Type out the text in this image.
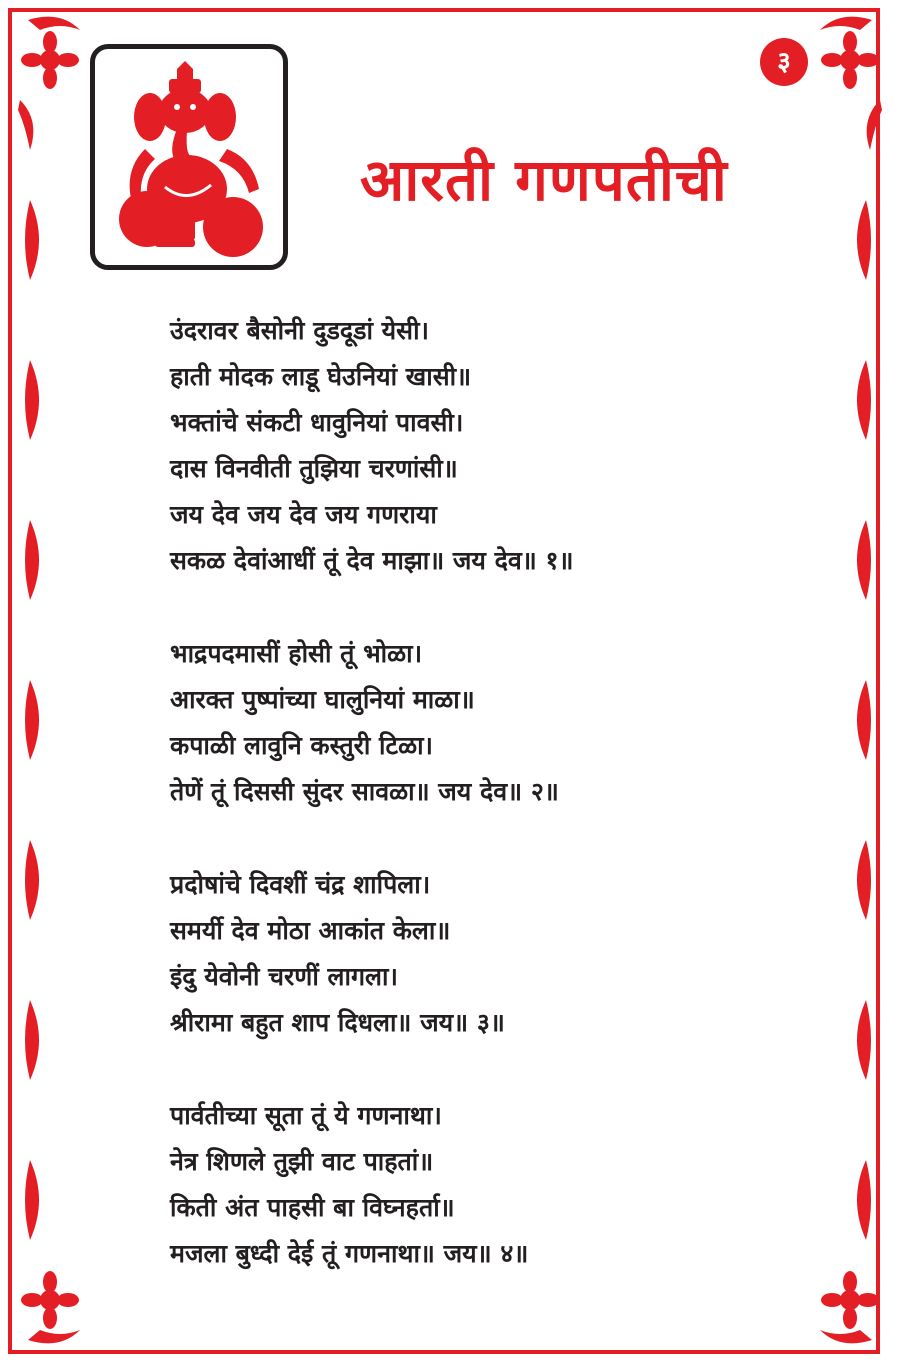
३
आरती गणपतीची
उंदरावर बैसोनी दुडदूडां येसी।
हाती मोदक लाडू घेउनियां खासी॥
भक्तांचे संकटी धावुनियां पावसी।
दास विनवीती तुझिया चरणांसी॥
जय देव जय देव जय गणराया
सकळ देवांआधीं तूं देव माझा॥ जय देव॥ १॥
भाद्रपदमासीं होसी तूं भोळा।
आरक्त पुष्पांच्या घालुनियां माळा॥
कपाळी लावुनि कस्तुरी टिळा।
तेणें तूं दिससी सुंदर सावळा॥ जय देव॥ २॥
प्रदोषांचे दिवशीं चंद्र शापिला।
समर्यी देव मोठा आकांत केला॥
इंदु येवोनी चरणीं लागला।
श्रीरामा बहुत शाप दिधला॥ जय॥ ३॥
पार्वतीच्या सूता तूं ये गणनाथा।
नेत्र शिणले तुझी वाट पाहतां॥
किती अंत पाहसी बा विघ्नहर्ता॥
मजला बुध्दी देई तूं गणनाथा॥ जय॥ ४॥
